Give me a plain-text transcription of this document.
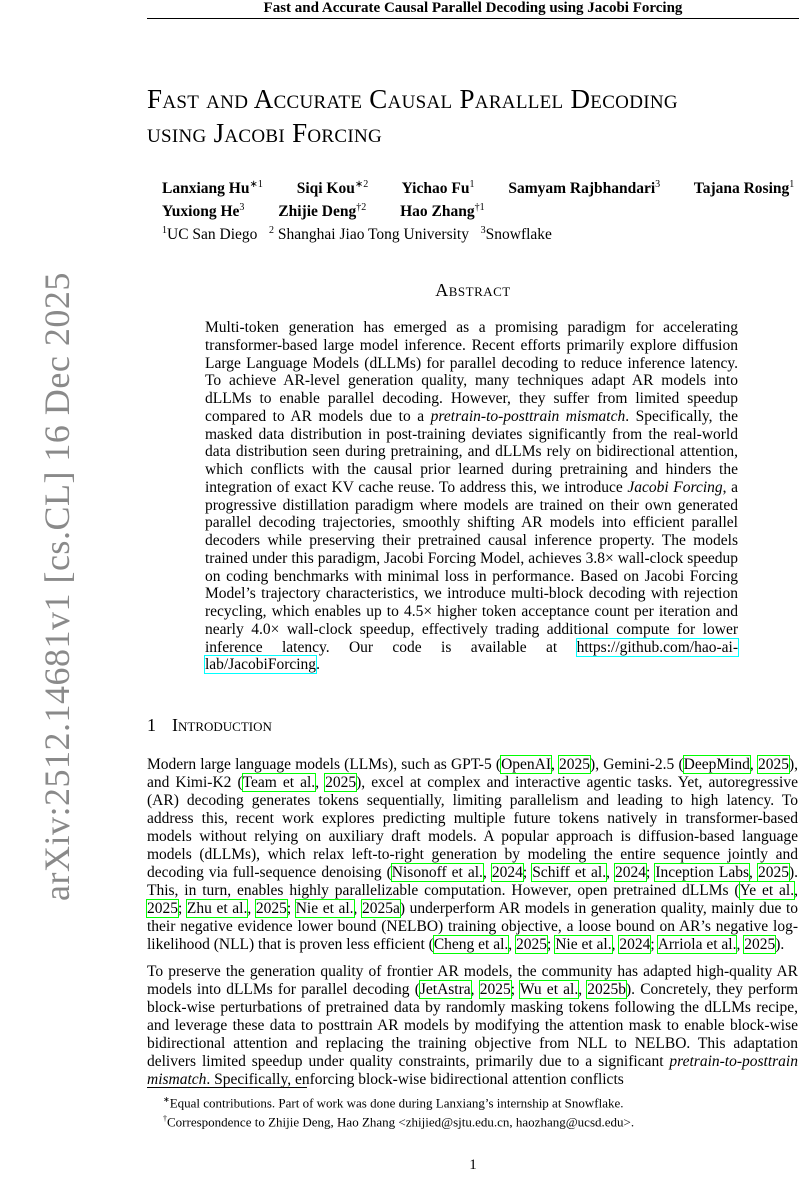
Fast and Accurate Causal Parallel Decoding using Jacobi Forcing
arXiv:2512.14681v1 [cs.CL] 16 Dec 2025
Fast and Accurate Causal Parallel Decoding
using Jacobi Forcing
Lanxiang $Hu^{∗1}$ Siqi Kou$^{∗2}$ Yichao Fu$^1$ Samyam Rajbhandari$^3$ Tajana Rosing$^1$
Yuxiong He$^3$ Zhijie Deng$^{\dagger 2}$ Hao Zhang$^{\dagger 1}$
$^1$UC San Diego $^2$ Shanghai Jiao Tong University $^3$Snowflake
Abstract
Multi-token generation has emerged as a promising paradigm for accelerating transformer-based large model inference. Recent efforts primarily explore diffusion Large Language Models (dLLMs) for parallel decoding to reduce inference latency. To achieve AR-level generation quality, many techniques adapt AR models into dLLMs to enable parallel decoding. However, they suffer from limited speedup compared to AR models due to a pretrain-to-posttrain mismatch. Specifically, the masked data distribution in post-training deviates significantly from the real-world data distribution seen during pretraining, and dLLMs rely on bidirectional attention, which conflicts with the causal prior learned during pretraining and hinders the integration of exact KV cache reuse. To address this, we introduce Jacobi Forcing, a progressive distillation paradigm where models are trained on their own generated parallel decoding trajectories, smoothly shifting AR models into efficient parallel decoders while preserving their pretrained causal inference property. The models trained under this paradigm, Jacobi Forcing Model, achieves 3.8× wall-clock speedup on coding benchmarks with minimal loss in performance. Based on Jacobi Forcing Model’s trajectory characteristics, we introduce multi-block decoding with rejection recycling, which enables up to 4.5× higher token acceptance count per iteration and nearly 4.0× wall-clock speedup, effectively trading additional compute for lower inference latency. Our code is available at https://github.com/hao-ai-lab/JacobiForcing.
1 Introduction
Modern large language models (LLMs), such as GPT-5 (OpenAI, 2025), Gemini-2.5 (DeepMind, 2025), and Kimi-K2 (Team et al., 2025), excel at complex and interactive agentic tasks. Yet, autoregressive (AR) decoding generates tokens sequentially, limiting parallelism and leading to high latency. To address this, recent work explores predicting multiple future tokens natively in transformer-based models without relying on auxiliary draft models. A popular approach is diffusion-based language models (dLLMs), which relax left-to-right generation by modeling the entire sequence jointly and decoding via full-sequence denoising (Nisonoff et al., 2024; Schiff et al., 2024; Inception Labs, 2025). This, in turn, enables highly parallelizable computation. However, open pretrained dLLMs (Ye et al., 2025; Zhu et al., 2025; Nie et al., 2025a) underperform AR models in generation quality, mainly due to their negative evidence lower bound (NELBO) training objective, a loose bound on AR’s negative log-likelihood (NLL) that is proven less efficient (Cheng et al., 2025; Nie et al., 2024; Arriola et al., 2025).
To preserve the generation quality of frontier AR models, the community has adapted high-quality AR models into dLLMs for parallel decoding (JetAstra, 2025; Wu et al., 2025b). Concretely, they perform block-wise perturbations of pretrained data by randomly masking tokens following the dLLMs recipe, and leverage these data to posttrain AR models by modifying the attention mask to enable block-wise bidirectional attention and replacing the training objective from NLL to NELBO. This adaptation delivers limited speedup under quality constraints, primarily due to a significant pretrain-to-posttrain mismatch. Specifically, enforcing block-wise bidirectional attention conflicts
∗Equal contributions. Part of work was done during Lanxiang’s internship at Snowflake.
†Correspondence to Zhijie Deng, Hao Zhang <zhijied@sjtu.edu.cn, haozhang@ucsd.edu>.
1
